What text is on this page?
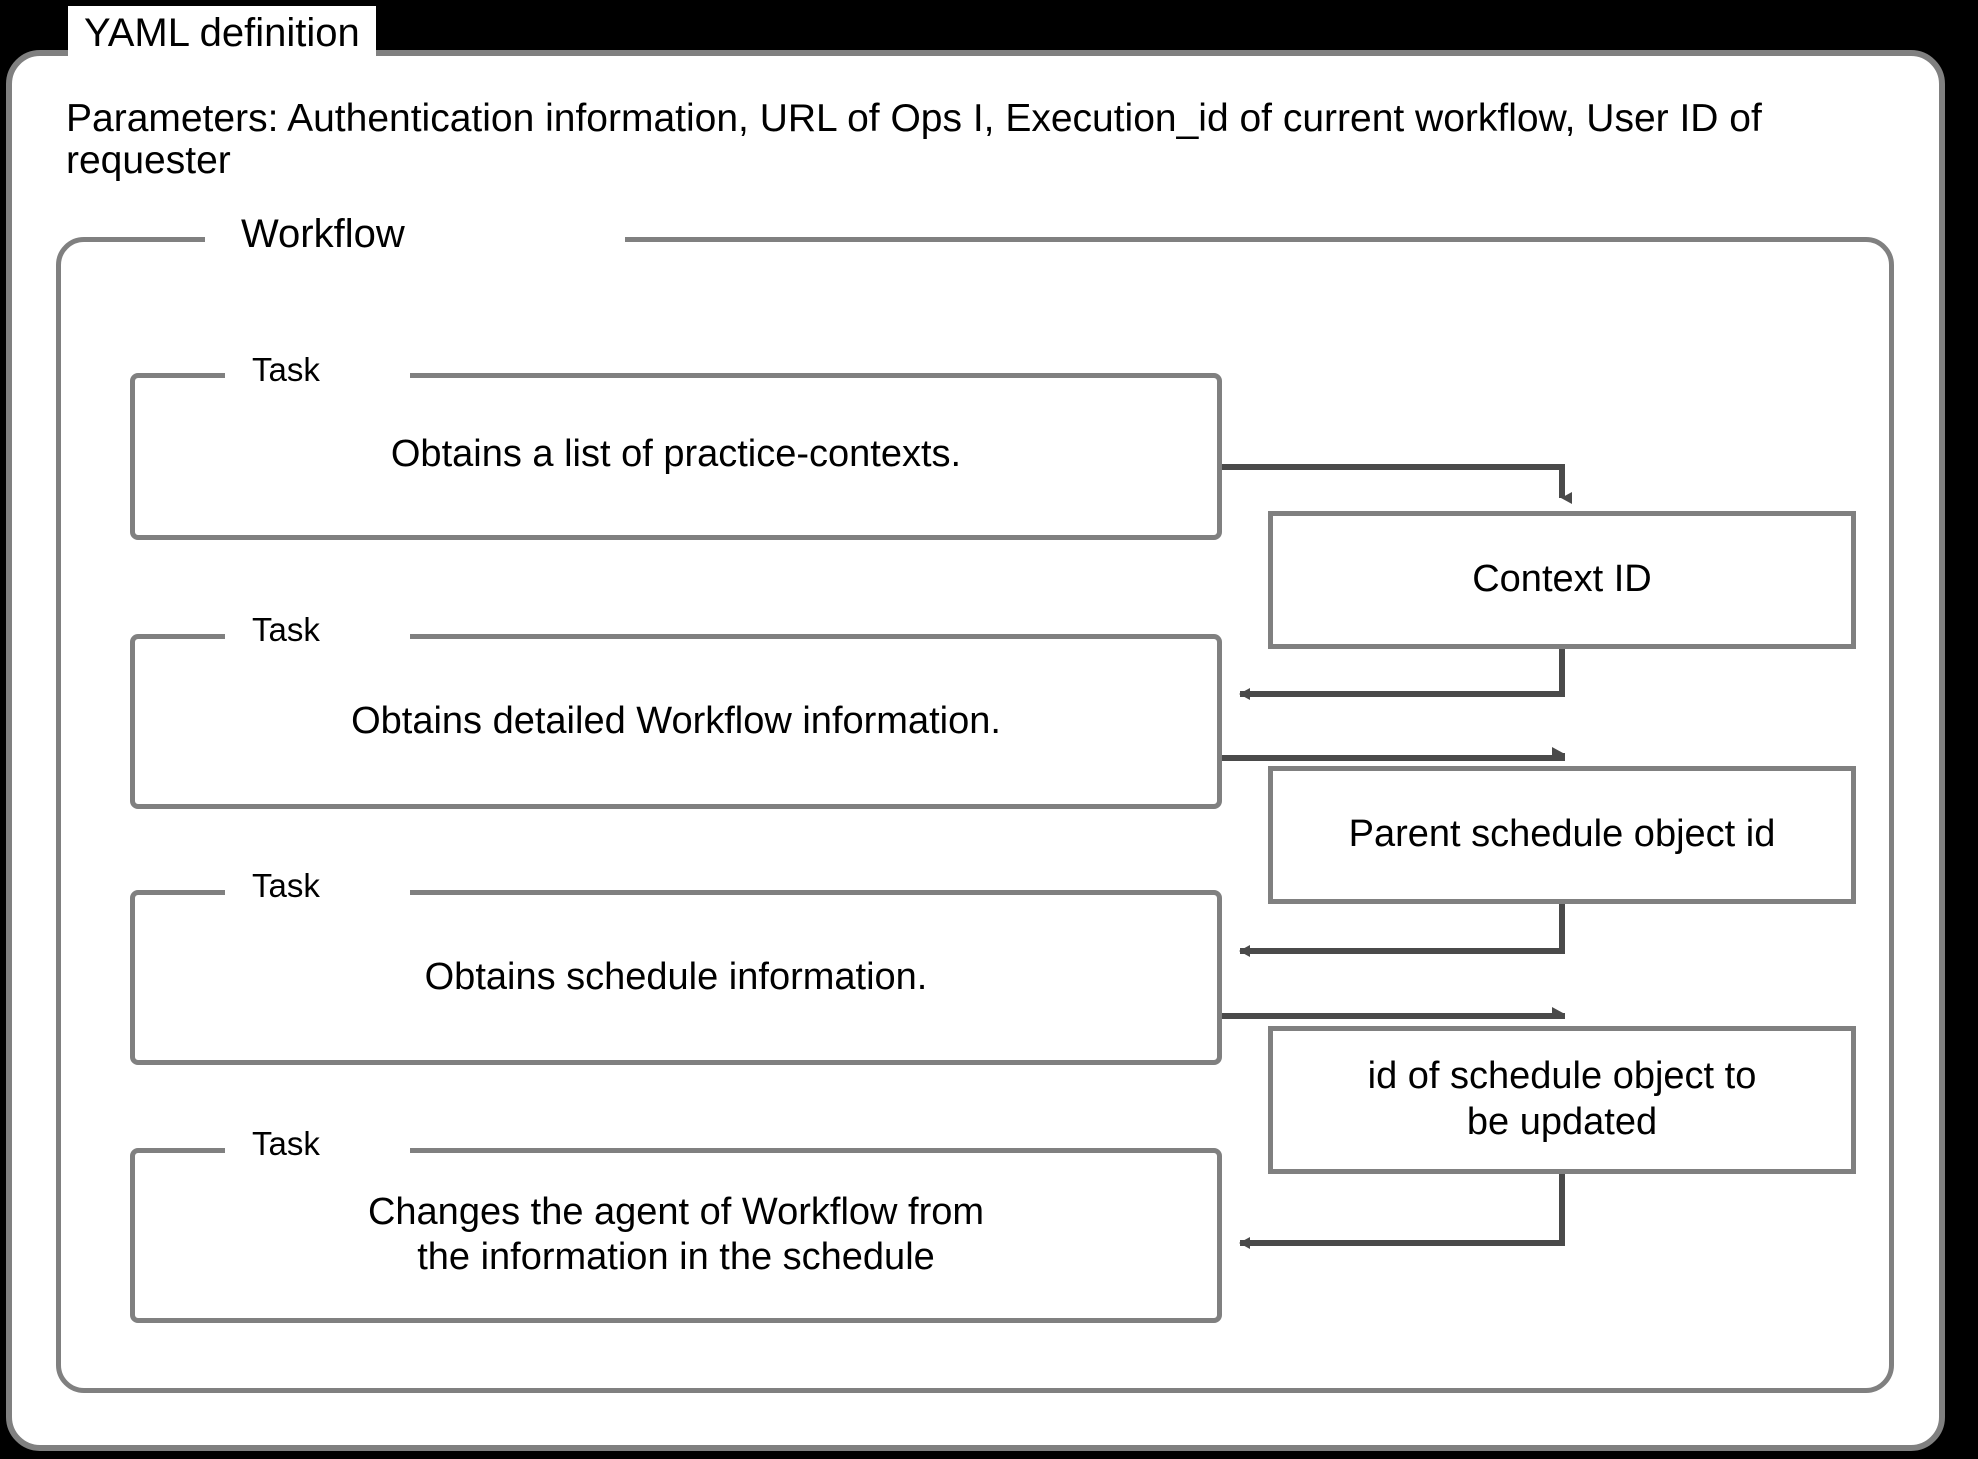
YAML definition
Parameters: Authentication information, URL of Ops I, Execution_id of current workflow, User ID of requester
Workflow
Task
Obtains a list of practice-contexts.
Task
Obtains detailed Workflow information.
Task
Obtains schedule information.
Task
Changes the agent of Workflow from
the information in the schedule
Context ID
Parent schedule object id
id of schedule object to
be updated
